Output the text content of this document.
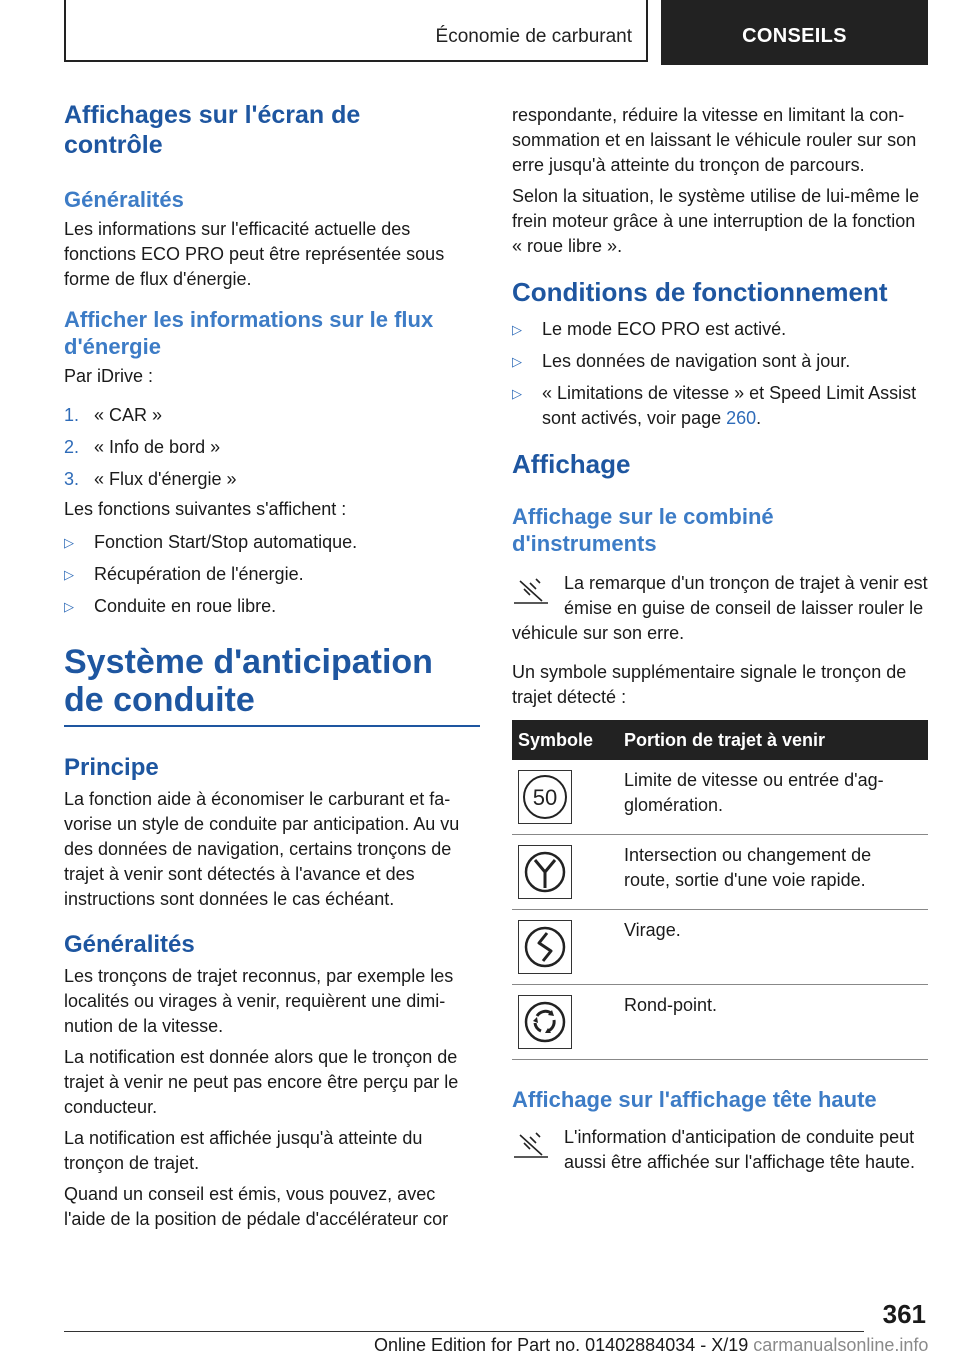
Économie de carburant	CONSEILS
Affichages sur l'écran de contrôle
Généralités

Les informations sur l'efficacité actuelle des fonctions ECO PRO peut être représentée sous forme de flux d'énergie.

Afficher les informations sur le flux d'énergie

Par iDrive :

1. « CAR »
2. « Info de bord »
3. « Flux d'énergie »

Les fonctions suivantes s'affichent :

▷	Fonction Start/Stop automatique.
▷	Récupération de l'énergie.
▷	Conduite en roue libre.
Système d'anticipation de conduite
Principe

La fonction aide à économiser le carburant et favorise un style de conduite par anticipation. Au vu des données de navigation, certains tronçons de trajet à venir sont détectés à l'avance et des instructions sont données le cas échéant.

Généralités

Les tronçons de trajet reconnus, par exemple les localités ou virages à venir, requièrent une diminution de la vitesse.

La notification est donnée alors que le tronçon de trajet à venir ne peut pas encore être perçu par le conducteur.

La notification est affichée jusqu'à atteinte du tronçon de trajet.

Quand un conseil est émis, vous pouvez, avec l'aide de la position de pédale d'accélérateur cor

respondante, réduire la vitesse en limitant la consommation et en laissant le véhicule rouler sur son erre jusqu'à atteinte du tronçon de parcours.

Selon la situation, le système utilise de lui-même le frein moteur grâce à une interruption de la fonction « roue libre ».

Conditions de fonctionnement
▷	Le mode ECO PRO est activé.
▷	Les données de navigation sont à jour.
▷	« Limitations de vitesse » et Speed Limit Assist sont activés, voir page 260.
Affichage
Affichage sur le combiné d'instruments
La remarque d'un tronçon de trajet à venir est émise en guise de conseil de laisser rouler le véhicule sur son erre.

Un symbole supplémentaire signale le tronçon de trajet détecté :

Symbole	Portion de trajet à venir

50	Limite de vitesse ou entrée d'agglomération.

	Intersection ou changement de route, sortie d'une voie rapide.

	Virage.

	Rond-point.
Affichage sur l'affichage tête haute
L'information d'anticipation de conduite peut aussi être affichée sur l'affichage tête haute.
361
Online Edition for Part no. 01402884034 - X/19 carmanualsonline.info
